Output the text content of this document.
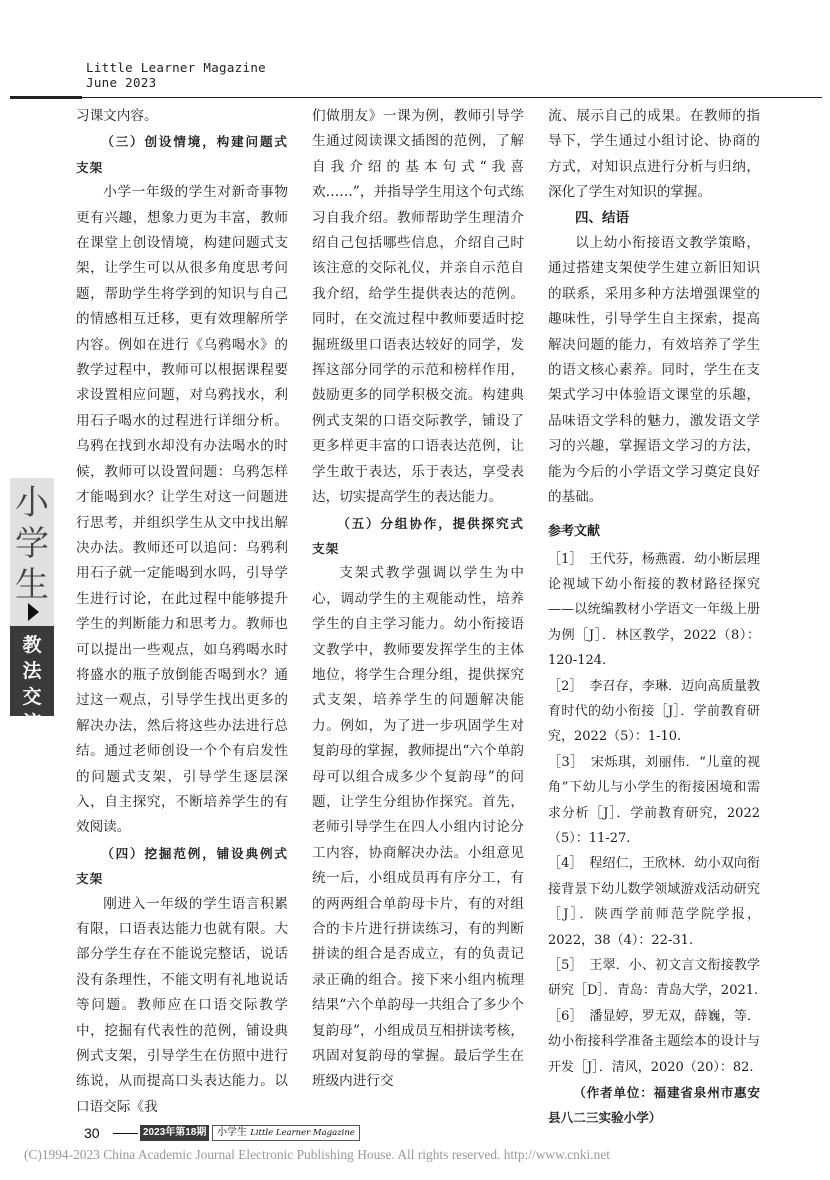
Little Learner Magazine
June 2023
小
学
生
教
法
交
流

习课文内容。

（三）创设情境，构建问题式支架

小学一年级的学生对新奇事物更有兴趣，想象力更为丰富，教师在课堂上创设情境，构建问题式支架，让学生可以从很多角度思考问题，帮助学生将学到的知识与自己的情感相互迁移，更有效理解所学内容。例如在进行《乌鸦喝水》的教学过程中，教师可以根据课程要求设置相应问题，对乌鸦找水，利用石子喝水的过程进行详细分析。乌鸦在找到水却没有办法喝水的时候，教师可以设置问题：乌鸦怎样才能喝到水？让学生对这一问题进行思考，并组织学生从文中找出解决办法。教师还可以追问：乌鸦利用石子就一定能喝到水吗，引导学生进行讨论，在此过程中能够提升学生的判断能力和思考力。教师也可以提出一些观点，如乌鸦喝水时将盛水的瓶子放倒能否喝到水？通过这一观点，引导学生找出更多的解决办法，然后将这些办法进行总结。通过老师创设一个个有启发性的问题式支架，引导学生逐层深入，自主探究，不断培养学生的有效阅读。

（四）挖掘范例，铺设典例式支架

刚进入一年级的学生语言积累有限，口语表达能力也就有限。大部分学生存在不能说完整话，说话没有条理性，不能文明有礼地说话等问题。教师应在口语交际教学中，挖掘有代表性的范例，铺设典例式支架，引导学生在仿照中进行练说，从而提高口头表达能力。以口语交际《我

们做朋友》一课为例，教师引导学生通过阅读课文插图的范例，了解自我介绍的基本句式“我喜欢……”，并指导学生用这个句式练习自我介绍。教师帮助学生理清介绍自己包括哪些信息，介绍自己时该注意的交际礼仪，并亲自示范自我介绍，给学生提供表达的范例。同时，在交流过程中教师要适时挖掘班级里口语表达较好的同学，发挥这部分同学的示范和榜样作用，鼓励更多的同学积极交流。构建典例式支架的口语交际教学，铺设了更多样更丰富的口语表达范例，让学生敢于表达，乐于表达，享受表达，切实提高学生的表达能力。

（五）分组协作，提供探究式支架

支架式教学强调以学生为中心，调动学生的主观能动性，培养学生的自主学习能力。幼小衔接语文教学中，教师要发挥学生的主体地位，将学生合理分组，提供探究式支架，培养学生的问题解决能力。例如，为了进一步巩固学生对复韵母的掌握，教师提出“六个单韵母可以组合成多少个复韵母”的问题，让学生分组协作探究。首先，老师引导学生在四人小组内讨论分工内容，协商解决办法。小组意见统一后，小组成员再有序分工，有的两两组合单韵母卡片，有的对组合的卡片进行拼读练习，有的判断拼读的组合是否成立，有的负责记录正确的组合。接下来小组内梳理结果“六个单韵母一共组合了多少个复韵母”，小组成员互相拼读考核，巩固对复韵母的掌握。最后学生在班级内进行交

流、展示自己的成果。在教师的指导下，学生通过小组讨论、协商的方式，对知识点进行分析与归纳，深化了学生对知识的掌握。

四、结语

以上幼小衔接语文教学策略，通过搭建支架使学生建立新旧知识的联系，采用多种方法增强课堂的趣味性，引导学生自主探索，提高解决问题的能力，有效培养了学生的语文核心素养。同时，学生在支架式学习中体验语文课堂的乐趣，品味语文学科的魅力，激发语文学习的兴趣，掌握语文学习的方法，能为今后的小学语文学习奠定良好的基础。

参考文献

［1］　王代芬，杨燕霞．幼小断层理论视域下幼小衔接的教材路径探究——以统编教材小学语文一年级上册为例［J］．林区教学，2022（8）：120-124.

［2］　李召存，李琳．迈向高质量教育时代的幼小衔接［J］．学前教育研究，2022（5）：1-10.

［3］　宋烁琪，刘丽伟．“儿童的视角”下幼儿与小学生的衔接困境和需求分析［J］．学前教育研究，2022（5）：11-27.

［4］　程绍仁，王欣林．幼小双向衔接背景下幼儿数学领域游戏活动研究［J］．陕西学前师范学院学报，2022，38（4）：22-31.

［5］　王翠．小、初文言文衔接教学研究［D］．青岛：青岛大学，2021.

［6］　潘显婷，罗无双，薛巍，等．幼小衔接科学准备主题绘本的设计与开发［J］．清风，2020（20）：82.

（作者单位：福建省泉州市惠安县八二三实验小学）

30	2023年第18期	小学生 Little Learner Magazine
(C)1994-2023 China Academic Journal Electronic Publishing House. All rights reserved. http://www.cnki.net
